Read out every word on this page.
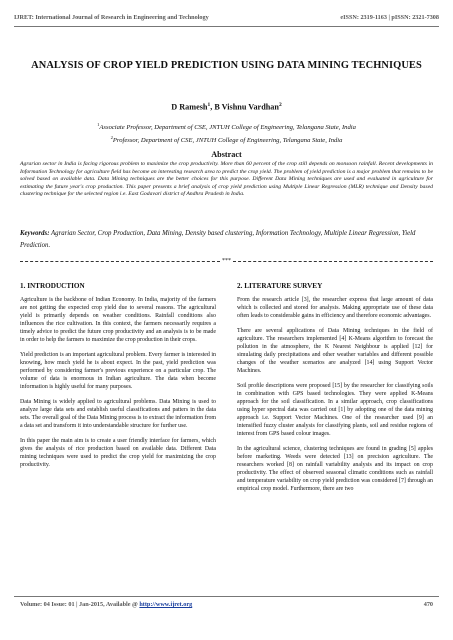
IJRET: International Journal of Research in Engineering and Technology	eISSN: 2319-1163 | pISSN: 2321-7308
ANALYSIS OF CROP YIELD PREDICTION USING DATA MINING TECHNIQUES
D Ramesh$^1$, B Vishnu Vardhan$^2$
$^1$Associate Professor, Department of CSE, JNTUH College of Engineering, Telangana State, India
$^2$Professor, Department of CSE, JNTUH College of Engineering, Telangana State, India
Abstract
Agrarian sector in India is facing rigorous problem to maximize the crop productivity. More than 60 percent of the crop still depends on monsoon rainfall. Recent developments in Information Technology for agriculture field has become an interesting research area to predict the crop yield. The problem of yield prediction is a major problem that remains to be solved based on available data. Data Mining techniques are the better choices for this purpose. Different Data Mining techniques are used and evaluated in agriculture for estimating the future year's crop production. This paper presents a brief analysis of crop yield prediction using Multiple Linear Regression (MLR) technique and Density based clustering technique for the selected region i.e. East Godavari district of Andhra Pradesh in India.
Keywords: Agrarian Sector, Crop Production, Data Mining, Density based clustering, Information Technology, Multiple Linear Regression, Yield Prediction.
***
1. INTRODUCTION

Agriculture is the backbone of Indian Economy. In India, majority of the farmers are not getting the expected crop yield due to several reasons. The agricultural yield is primarily depends on weather conditions. Rainfall conditions also influences the rice cultivation. In this context, the farmers necessarily requires a timely advice to predict the future crop productivity and an analysis is to be made in order to help the farmers to maximize the crop production in their crops.

Yield prediction is an important agricultural problem. Every farmer is interested in knowing, how much yield he is about expect. In the past, yield prediction was performed by considering farmer's previous experience on a particular crop. The volume of data is enormous in Indian agriculture. The data when become information is highly useful for many purposes.

Data Mining is widely applied to agricultural problems. Data Mining is used to analyze large data sets and establish useful classifications and patters in the data sets. The overall goal of the Data Mining process is to extract the information from a data set and transform it into understandable structure for further use.

In this paper the main aim is to create a user friendly interface for farmers, which gives the analysis of rice production based on available data. Different Data mining techniques were used to predict the crop yield for maximizing the crop productivity.

2. LITERATURE SURVEY

From the research article [3], the researcher express that large amount of data which is collected and stored for analysis. Making appropriate use of these data often leads to considerable gains in efficiency and therefore economic advantages.

There are several applications of Data Mining techniques in the field of agriculture. The researchers implemented [4] K-Means algorithm to forecast the pollution in the atmosphere, the K Nearest Neighbour is applied [12] for simulating daily precipitations and other weather variables and different possible changes of the weather scenarios are analyzed [14] using Support Vector Machines.

Soil profile descriptions were proposed [15] by the researcher for classifying soils in combination with GPS based technologies. They were applied K-Means approach for the soil classification. In a similar approach, crop classifications using hyper spectral data was carried out [1] by adopting one of the data mining approach i.e. Support Vector Machines. One of the researcher used [9] an intensified fuzzy cluster analysis for classifying plants, soil and residue regions of interest from GPS based colour images.

In the agricultural science, clustering techniques are found in grading [5] apples before marketing. Weeds were detected [13] on precision agriculture. The researchers worked [8] on rainfall variability analysis and its impact on crop productivity. The effect of observed seasonal climatic conditions such as rainfall and temperature variability on crop yield prediction was considered [7] through an empirical crop model. Furthermore, there are two

Volume: 04 Issue: 01 | Jan-2015, Available @ http://www.ijret.org	470
